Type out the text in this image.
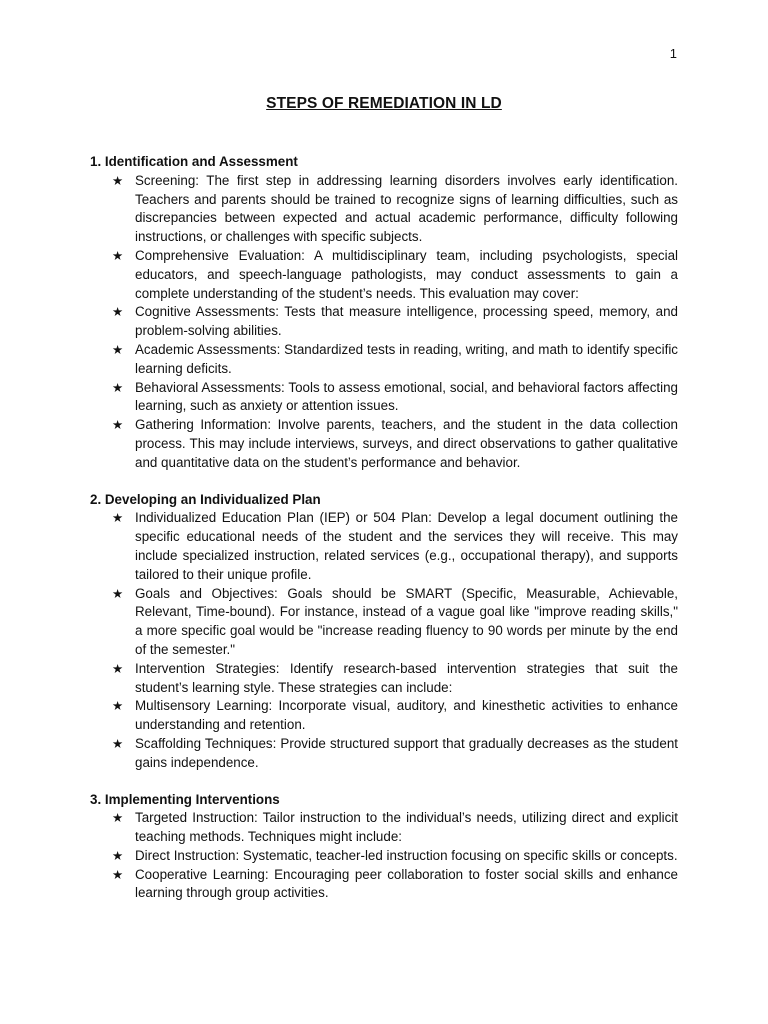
1
STEPS OF REMEDIATION IN LD
1. Identification and Assessment
★ Screening: The first step in addressing learning disorders involves early identification. Teachers and parents should be trained to recognize signs of learning difficulties, such as discrepancies between expected and actual academic performance, difficulty following instructions, or challenges with specific subjects.
★ Comprehensive Evaluation: A multidisciplinary team, including psychologists, special educators, and speech-language pathologists, may conduct assessments to gain a complete understanding of the student’s needs. This evaluation may cover:
★ Cognitive Assessments: Tests that measure intelligence, processing speed, memory, and problem-solving abilities.
★ Academic Assessments: Standardized tests in reading, writing, and math to identify specific learning deficits.
★ Behavioral Assessments: Tools to assess emotional, social, and behavioral factors affecting learning, such as anxiety or attention issues.
★ Gathering Information: Involve parents, teachers, and the student in the data collection process. This may include interviews, surveys, and direct observations to gather qualitative and quantitative data on the student’s performance and behavior.
2. Developing an Individualized Plan
★ Individualized Education Plan (IEP) or 504 Plan: Develop a legal document outlining the specific educational needs of the student and the services they will receive. This may include specialized instruction, related services (e.g., occupational therapy), and supports tailored to their unique profile.
★ Goals and Objectives: Goals should be SMART (Specific, Measurable, Achievable, Relevant, Time-bound). For instance, instead of a vague goal like "improve reading skills," a more specific goal would be "increase reading fluency to 90 words per minute by the end of the semester."
★ Intervention Strategies: Identify research-based intervention strategies that suit the student’s learning style. These strategies can include:
★ Multisensory Learning: Incorporate visual, auditory, and kinesthetic activities to enhance understanding and retention.
★ Scaffolding Techniques: Provide structured support that gradually decreases as the student gains independence.
3. Implementing Interventions
★ Targeted Instruction: Tailor instruction to the individual’s needs, utilizing direct and explicit teaching methods. Techniques might include:
★ Direct Instruction: Systematic, teacher-led instruction focusing on specific skills or concepts.
★ Cooperative Learning: Encouraging peer collaboration to foster social skills and enhance learning through group activities.
